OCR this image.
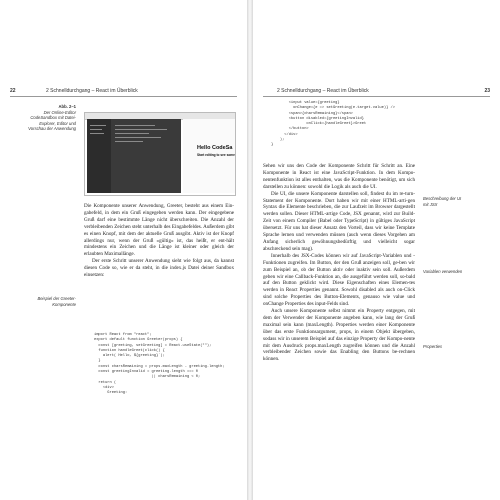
22	2 Schnelldurchgang – React im Überblick
Abb. 2–1
Der Online-Editor
CodeSandbox mit Datei-
Explorer, Editor und
Vorschau der Anwendung
Hello CodeSa
Start editing to see some

Die Komponente unserer Anwendung, Greeter, besteht aus einem Ein-gabefeld, in dem ein Gruß eingegeben werden kann. Der eingegebene Gruß darf eine bestimmte Länge nicht überschreiten. Die Anzahl der verbleibenden Zeichen steht unterhalb des Eingabefeldes. Außerdem gibt es einen Knopf, mit dem der aktuelle Gruß ausgibt. Aktiv ist der Knopf allerdings nur, wenn der Gruß »gültig« ist, das heißt, er ent-hält mindestens ein Zeichen und die Länge ist kleiner oder gleich der erlaubten Maximallänge.

Der erste Schritt unserer Anwendung sieht wie folgt aus, da kannst diesen Code so, wie er da steht, in die index.js Datei deiner Sandbox einsetzen:

Beispiel der Greeter-
Komponente
import React from "react";
export default function Greeter(props) {
const [greeting, setGreeting] = React.useState("");
function handleGreet(click() {
alert( Hello, ${greeting}`);
}
const charsRemaining = props.maxLength - greeting.length;
const greetingInvalid = greeting.length === 0
|| charsRemaining < 0;
return (
<div>
Greeting:
2 Schnelldurchgang – React im Überblick	23
<input value={greeting}
onChange={e => setGreeting(e.target.value)} />
<span>{charsRemaining}</span>
<button disabled={greetingInvalid}
onClick={handleGreet}>Greet
</button>
</div>
);
}

Sehen wir uns den Code der Komponente Schritt für Schritt an. Eine Komponente in React ist eine JavaScript-Funktion. In dem Kompo-nentenfunktion ist alles enthalten, was die Komponente benötigt, um sich darstellen zu können: sowohl die Logik als auch die UI.

Die UI, die unsere Komponente darstellen soll, findest du im re-turn-Statement der Komponente. Dort haben wir mit einer HTML-arti-gen Syntax die Elemente beschrieben, die zur Laufzeit im Browser dargestellt werden sollen. Dieser HTML-artige Code, JSX genannt, wird zur Build-Zeit von einem Compiler (Babel oder TypeScript) in gültiges JavaScript übersetzt. Für uns hat dieser Ansatz den Vorteil, dass wir keine Template Sprache lernen und verwenden müssen (auch wenn dieses Vorgehen am Anfang sicherlich gewöhnungsbedürftig und vielleicht sogar abschreckend sein mag).

Innerhalb des JSX-Codes können wir auf JavaScript-Variablen und -Funktionen zugreifen. Im Button, der den Gruß anzeigen soll, ge-ben wir zum Beispiel an, ob der Button aktiv oder inaktiv sein soll. Außerdem geben wir eine Callback-Funktion an, die ausgeführt werden soll, so-bald auf den Button geklickt wird. Diese Eigenschaften eines Elemen-tes werden in React Properties genannt. Sowohl disabled als auch on-Click sind solche Properties des Button-Elements, genauso wie value und onChange Properties des input-Felds sind.

Auch unsere Komponente selbst nimmt ein Property entgegen, mit dem der Verwender der Komponente angeben kann, wie lang der Gruß maximal sein kann (maxLength). Properties werden einer Komponente über das erste Funktionsargument, props, in einem Objekt übergeben, sodass wir in unserem Beispiel auf das einzige Property der Kompo-nente mit dem Ausdruck props.maxLength zugreifen können und die Anzahl verbleibender Zeichen sowie das Enabling den Buttons be-rechnen können.

Beschreibung der UI
mit JSX
Variablen verwenden
Properties
